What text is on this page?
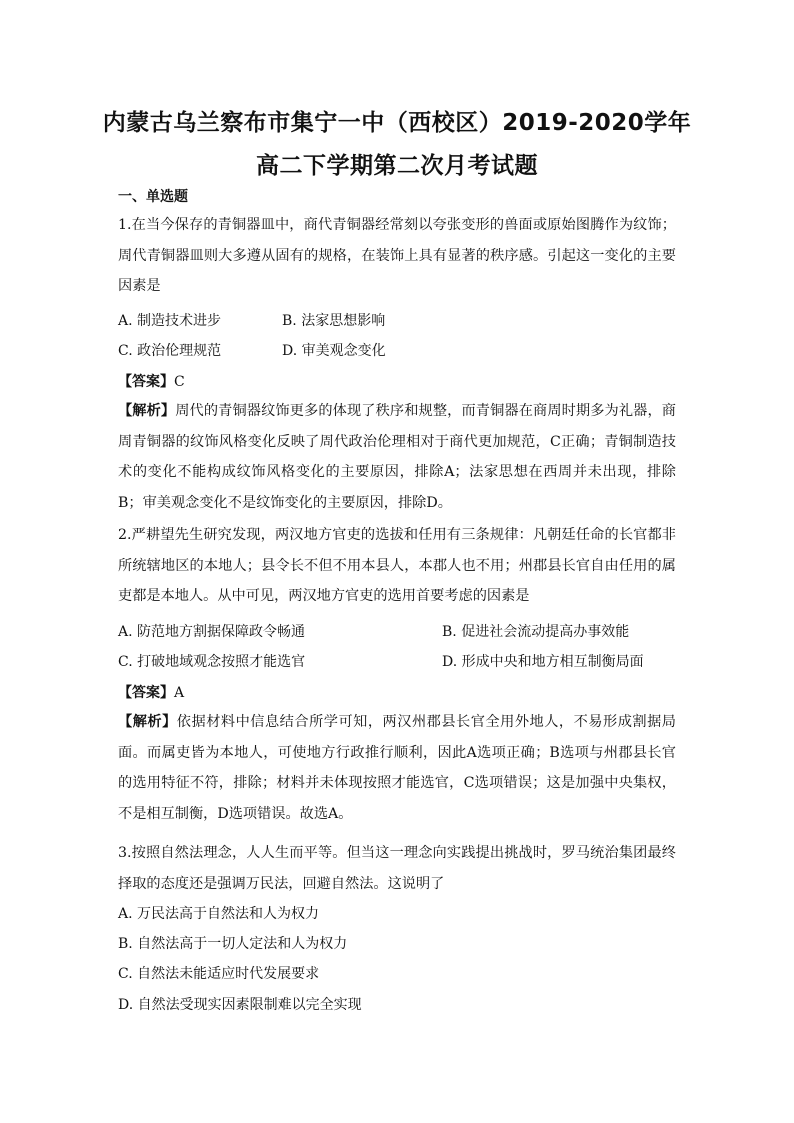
内蒙古乌兰察布市集宁一中（西校区）2019-2020学年
高二下学期第二次月考试题
一、单选题
1.在当今保存的青铜器皿中，商代青铜器经常刻以夸张变形的兽面或原始图腾作为纹饰；周代青铜器皿则大多遵从固有的规格，在装饰上具有显著的秩序感。引起这一变化的主要因素是
A. 制造技术进步	B. 法家思想影响
C. 政治伦理规范	D. 审美观念变化
【答案】C
【解析】周代的青铜器纹饰更多的体现了秩序和规整，而青铜器在商周时期多为礼器，商周青铜器的纹饰风格变化反映了周代政治伦理相对于商代更加规范，C正确；青铜制造技术的变化不能构成纹饰风格变化的主要原因，排除A；法家思想在西周并未出现，排除B；审美观念变化不是纹饰变化的主要原因，排除D。
2.严耕望先生研究发现，两汉地方官吏的选拔和任用有三条规律：凡朝廷任命的长官都非所统辖地区的本地人；县令长不但不用本县人，本郡人也不用；州郡县长官自由任用的属吏都是本地人。从中可见，两汉地方官吏的选用首要考虑的因素是
A. 防范地方割据保障政令畅通	B. 促进社会流动提高办事效能
C. 打破地域观念按照才能选官	D. 形成中央和地方相互制衡局面
【答案】A
【解析】依据材料中信息结合所学可知，两汉州郡县长官全用外地人，不易形成割据局面。而属吏皆为本地人，可使地方行政推行顺利，因此A选项正确；B选项与州郡县长官的选用特征不符，排除；材料并未体现按照才能选官，C选项错误；这是加强中央集权，不是相互制衡，D选项错误。故选A。
3.按照自然法理念，人人生而平等。但当这一理念向实践提出挑战时，罗马统治集团最终择取的态度还是强调万民法，回避自然法。这说明了
A. 万民法高于自然法和人为权力
B. 自然法高于一切人定法和人为权力
C. 自然法未能适应时代发展要求
D. 自然法受现实因素限制难以完全实现
